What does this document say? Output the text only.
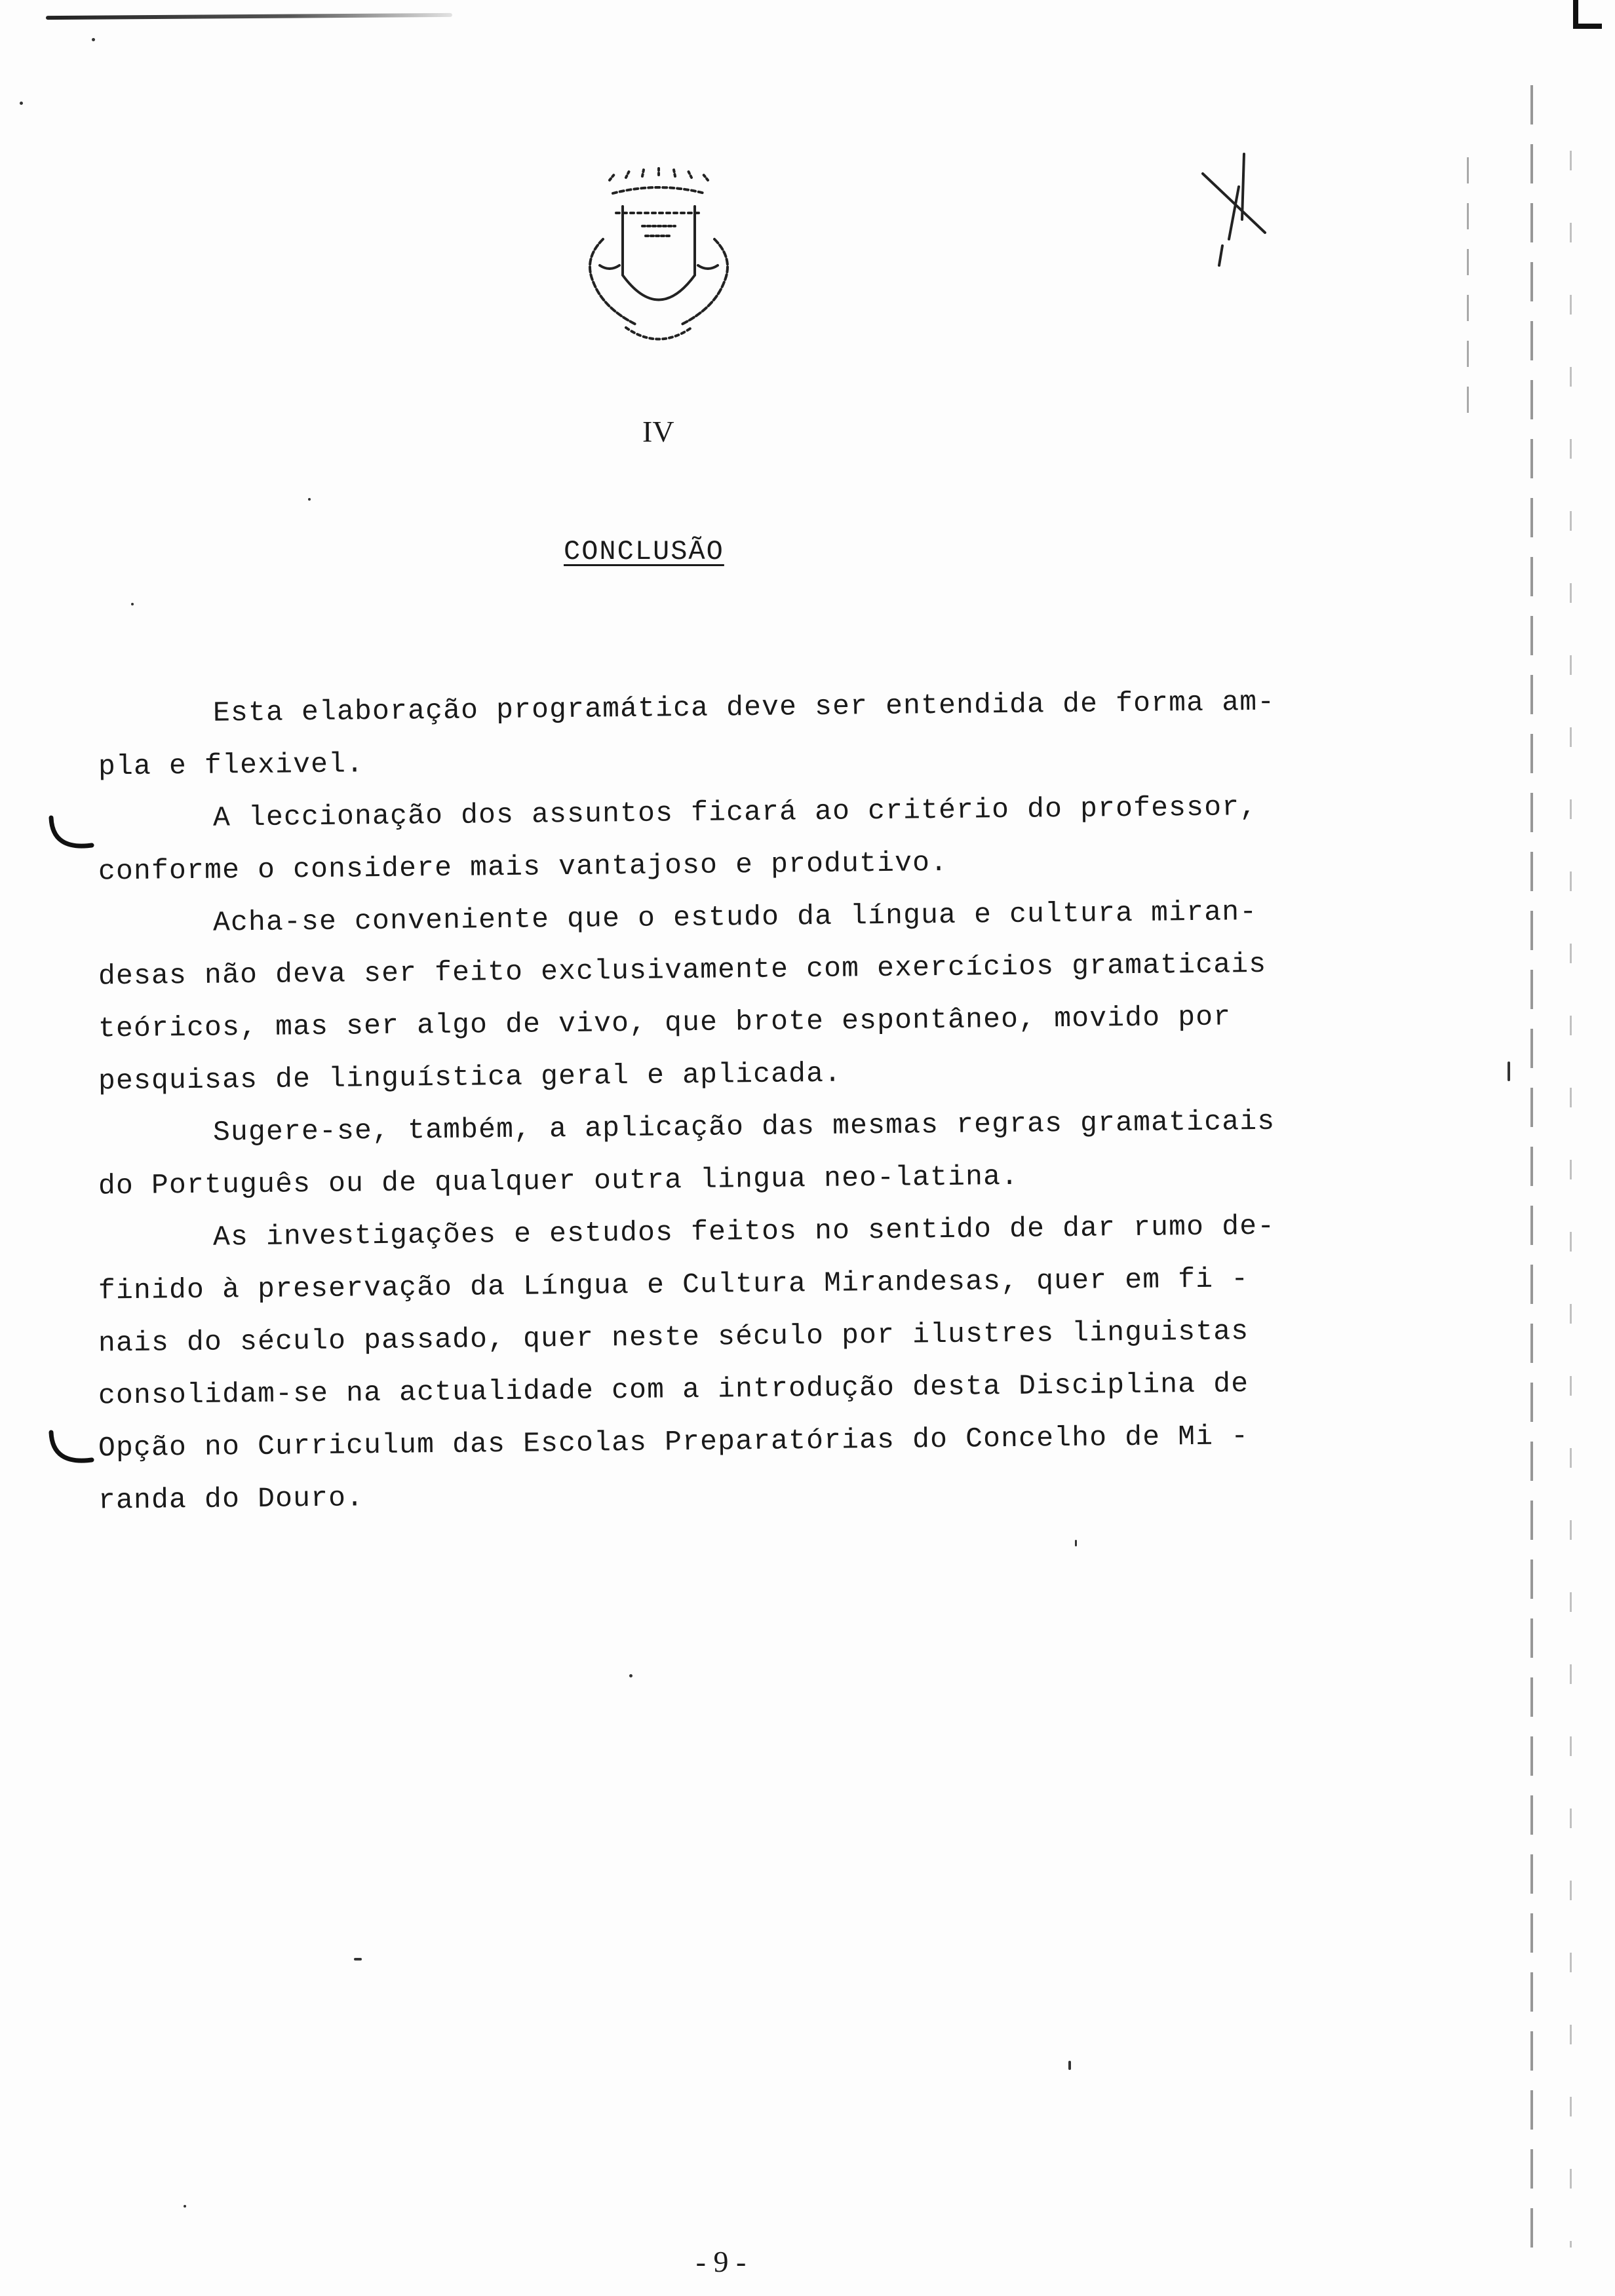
IV
CONCLUSÃO
Esta elaboração programática deve ser entendida de forma am-
pla e flexivel.
A leccionação dos assuntos ficará ao critério do professor,
conforme o considere mais vantajoso e produtivo.
Acha-se conveniente que o estudo da língua e cultura miran-
desas não deva ser feito exclusivamente com exercícios gramaticais
teóricos, mas ser algo de vivo, que brote espontâneo, movido por
pesquisas de linguística geral e aplicada.
Sugere-se, também, a aplicação das mesmas regras gramaticais
do Português ou de qualquer outra lingua neo-latina.
As investigações e estudos feitos no sentido de dar rumo de-
finido à preservação da Língua e Cultura Mirandesas, quer em fi -
nais do século passado, quer neste século por ilustres linguistas
consolidam-se na actualidade com a introdução desta Disciplina de
Opção no Curriculum das Escolas Preparatórias do Concelho de Mi -
randa do Douro.
- 9 -
